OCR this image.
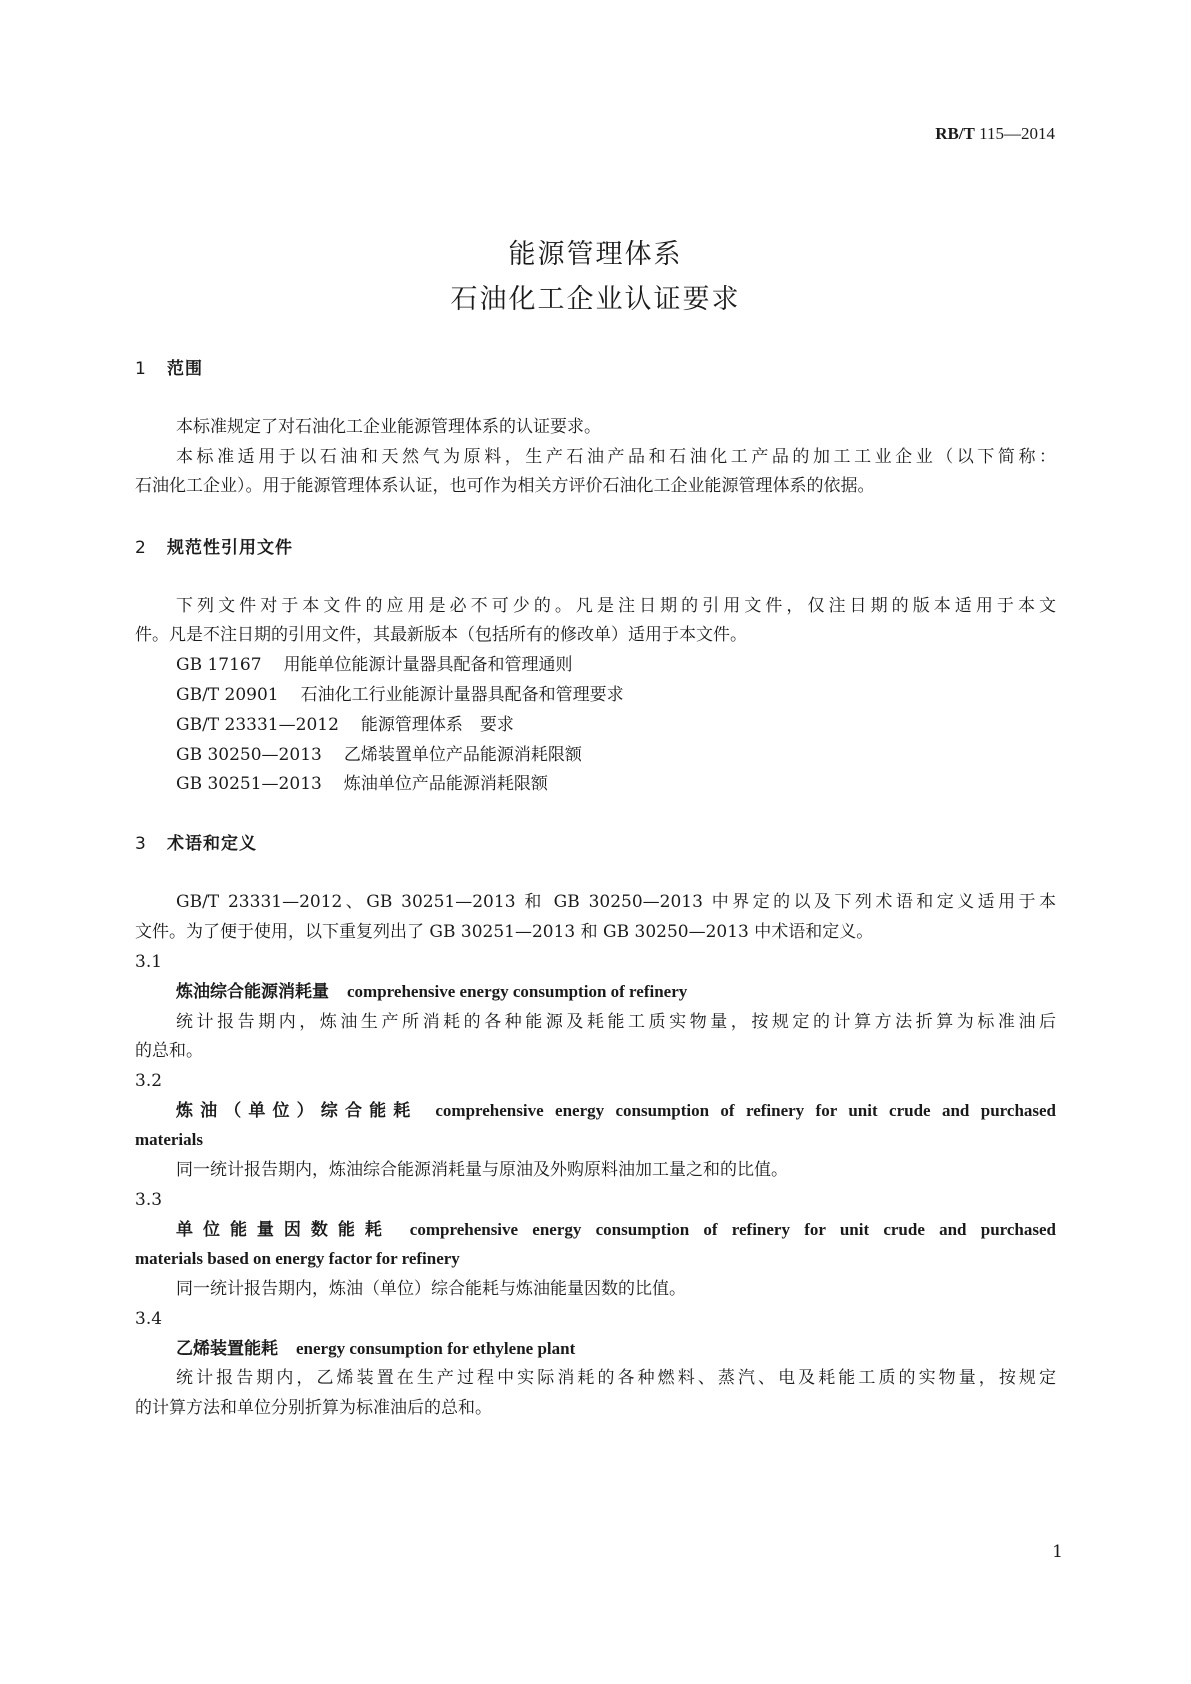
RB/T 115—2014
能源管理体系
石油化工企业认证要求
1 范围
本标准规定了对石油化工企业能源管理体系的认证要求。
本标准适用于以石油和天然气为原料，生产石油产品和石油化工产品的加工工业企业（以下简称：
石油化工企业）。用于能源管理体系认证，也可作为相关方评价石油化工企业能源管理体系的依据。
2 规范性引用文件
下列文件对于本文件的应用是必不可少的。凡是注日期的引用文件，仅注日期的版本适用于本文
件。凡是不注日期的引用文件，其最新版本（包括所有的修改单）适用于本文件。
GB 17167 用能单位能源计量器具配备和管理通则
GB/T 20901 石油化工行业能源计量器具配备和管理要求
GB/T 23331—2012 能源管理体系　要求
GB 30250—2013 乙烯装置单位产品能源消耗限额
GB 30251—2013 炼油单位产品能源消耗限额
3 术语和定义
GB/T 23331—2012、GB 30251—2013 和 GB 30250—2013 中界定的以及下列术语和定义适用于本
文件。为了便于使用，以下重复列出了 GB 30251—2013 和 GB 30250—2013 中术语和定义。
3.1
炼油综合能源消耗量 comprehensive energy consumption of refinery
统计报告期内，炼油生产所消耗的各种能源及耗能工质实物量，按规定的计算方法折算为标准油后
的总和。
3.2
炼油（单位）综合能耗 comprehensive energy consumption of refinery for unit crude and purchased
materials
同一统计报告期内，炼油综合能源消耗量与原油及外购原料油加工量之和的比值。
3.3
单位能量因数能耗 comprehensive energy consumption of refinery for unit crude and purchased
materials based on energy factor for refinery
同一统计报告期内，炼油（单位）综合能耗与炼油能量因数的比值。
3.4
乙烯装置能耗 energy consumption for ethylene plant
统计报告期内，乙烯装置在生产过程中实际消耗的各种燃料、蒸汽、电及耗能工质的实物量，按规定
的计算方法和单位分别折算为标准油后的总和。
1
